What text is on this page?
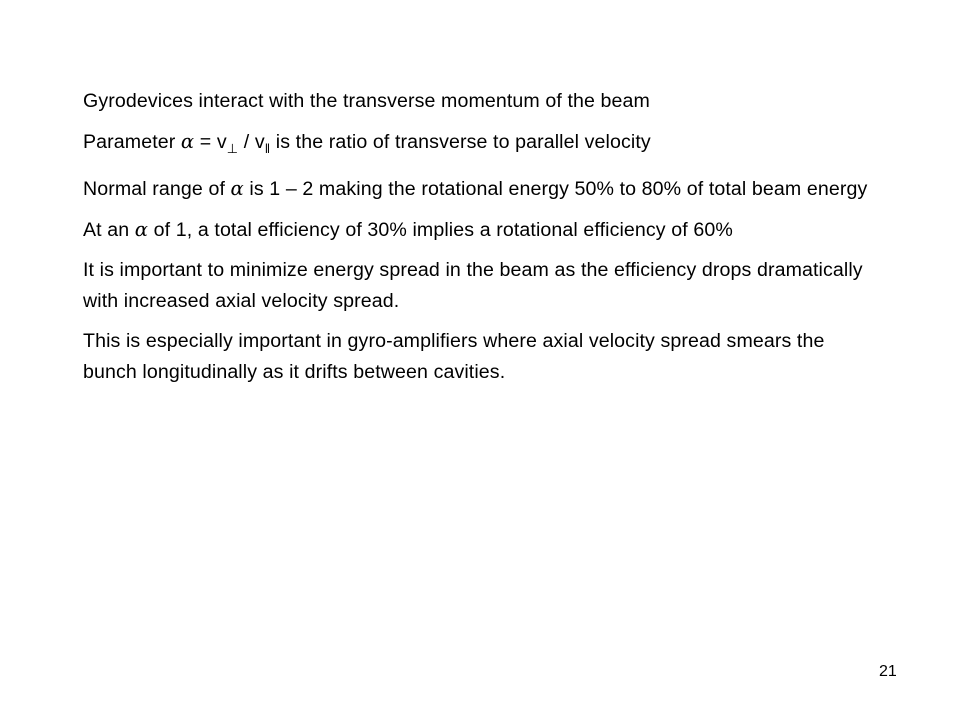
Gyrodevices interact with the transverse momentum of the beam

Parameter $\alpha = v_\perp / v_‖$ is the ratio of transverse to parallel velocity

Normal range of α is 1 – 2 making the rotational energy 50% to 80% of total beam energy

At an α of 1, a total efficiency of 30% implies a rotational efficiency of 60%

It is important to minimize energy spread in the beam as the efficiency drops dramatically with increased axial velocity spread.

This is especially important in gyro-amplifiers where axial velocity spread smears the bunch longitudinally as it drifts between cavities.

21
